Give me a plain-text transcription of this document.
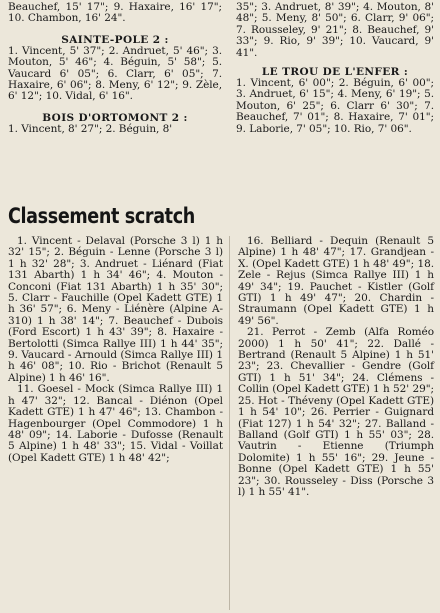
Beauchef, 15' 17"; 9. Haxaire, 16' 17"; 10. Chambon, 16' 24".

SAINTE-POLE 2 :

1. Vincent, 5' 37"; 2. Andruet, 5' 46"; 3. Mouton, 5' 46"; 4. Béguin, 5' 58"; 5. Vaucard 6' 05"; 6. Clarr, 6' 05"; 7. Haxaire, 6' 06"; 8. Meny, 6' 12"; 9. Zèle, 6' 12"; 10. Vidal, 6' 16".

BOIS D'ORTOMONT 2 :

1. Vincent, 8' 27"; 2. Béguin, 8'

35"; 3. Andruet, 8' 39"; 4. Mouton, 8' 48"; 5. Meny, 8' 50"; 6. Clarr, 9' 06"; 7. Rousseley, 9' 21"; 8. Beauchef, 9' 33"; 9. Rio, 9' 39"; 10. Vaucard, 9' 41".

LE TROU DE L'ENFER :

1. Vincent, 6' 00"; 2. Béguin, 6' 00"; 3. Andruet, 6' 15"; 4. Meny, 6' 19"; 5. Mouton, 6' 25"; 6. Clarr 6' 30"; 7. Beauchef, 7' 01"; 8. Haxaire, 7' 01"; 9. Laborie, 7' 05"; 10. Rio, 7' 06".

Classement scratch

1. Vincent - Delaval (Porsche 3 l) 1 h 32' 15"; 2. Béguin - Lenne (Porsche 3 l) 1 h 32' 28"; 3. Andruet - Liénard (Fiat 131 Abarth) 1 h 34' 46"; 4. Mouton - Conconi (Fiat 131 Abarth) 1 h 35' 30"; 5. Clarr - Fauchille (Opel Kadett GTE) 1 h 36' 57"; 6. Meny - Liénère (Alpine A-310) 1 h 38' 14"; 7. Beauchef - Dubois (Ford Escort) 1 h 43' 39"; 8. Haxaire - Bertolotti (Simca Rallye III) 1 h 44' 35"; 9. Vaucard - Arnould (Simca Rallye III) 1 h 46' 08"; 10. Rio - Brichot (Renault 5 Alpine) 1 h 46' 16".

11. Goesel - Mock (Simca Rallye III) 1 h 47' 32"; 12. Bancal - Diénon (Opel Kadett GTE) 1 h 47' 46"; 13. Chambon - Hagenbourger (Opel Commodore) 1 h 48' 09"; 14. Laborie - Dufosse (Renault 5 Alpine) 1 h 48' 33"; 15. Vidal - Voillat (Opel Kadett GTE) 1 h 48' 42";

16. Belliard - Dequin (Renault 5 Alpine) 1 h 48' 47"; 17. Grandjean - X. (Opel Kadett GTE) 1 h 48' 49"; 18. Zele - Rejus (Simca Rallye III) 1 h 49' 34"; 19. Pauchet - Kistler (Golf GTI) 1 h 49' 47"; 20. Chardin - Straumann (Opel Kadett GTE) 1 h 49' 56".

21. Perrot - Zemb (Alfa Roméo 2000) 1 h 50' 41"; 22. Dallé - Bertrand (Renault 5 Alpine) 1 h 51' 23"; 23. Chevallier - Gendre (Golf GTI) 1 h 51' 34"; 24. Clémens - Collin (Opel Kadett GTE) 1 h 52' 29"; 25. Hot - Théveny (Opel Kadett GTE) 1 h 54' 10"; 26. Perrier - Guignard (Fiat 127) 1 h 54' 32"; 27. Balland - Balland (Golf GTI) 1 h 55' 03"; 28. Vautrin - Etienne (Triumph Dolomite) 1 h 55' 16"; 29. Jeune - Bonne (Opel Kadett GTE) 1 h 55' 23"; 30. Rousseley - Diss (Porsche 3 l) 1 h 55' 41".
